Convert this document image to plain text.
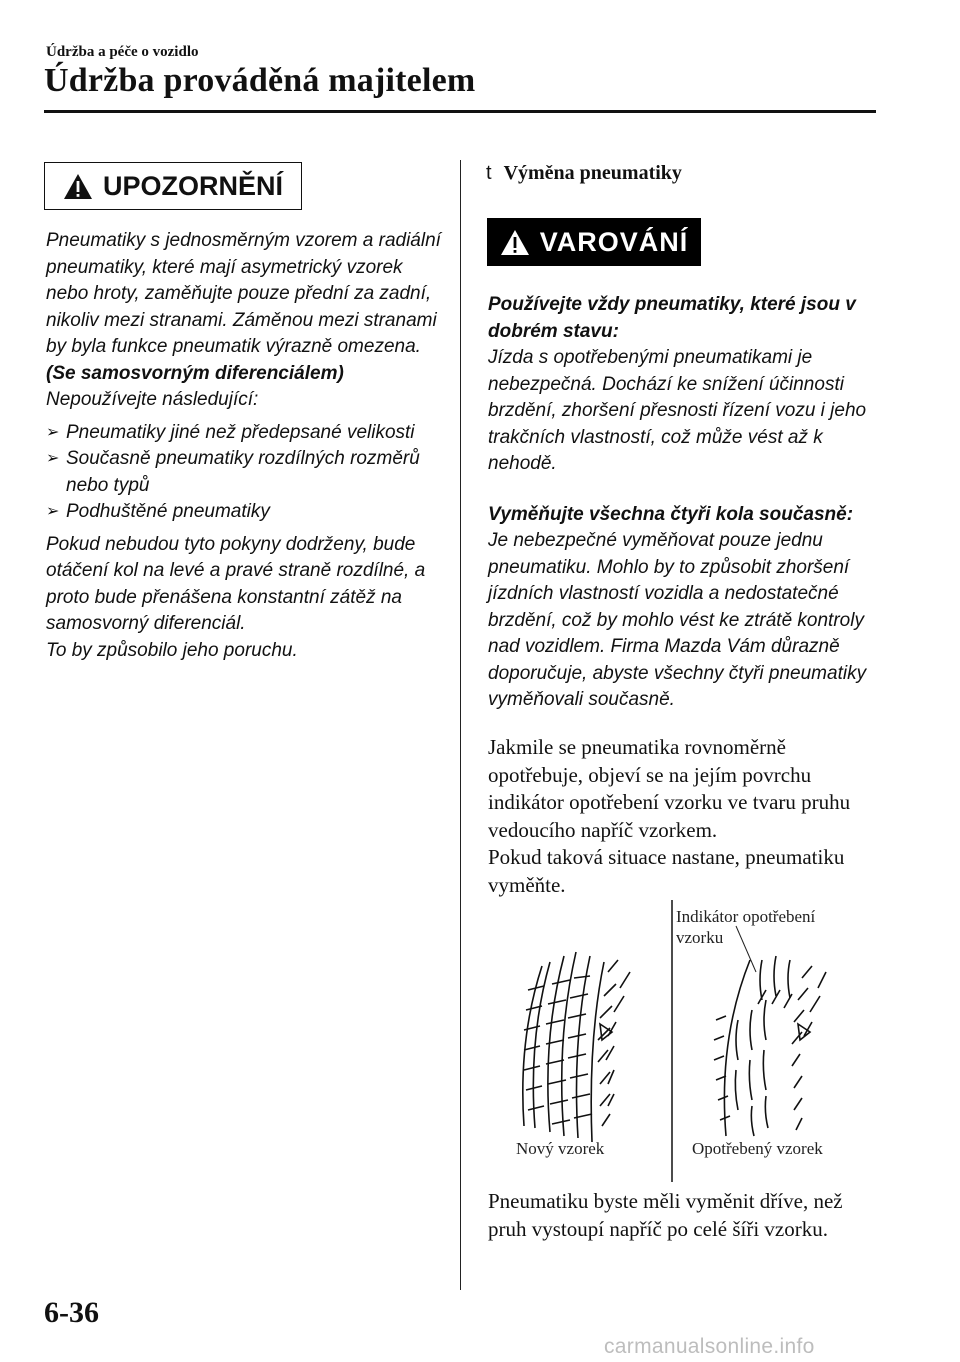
Údržba a péče o vozidlo
Údržba prováděná majitelem
UPOZORNĚNÍ
Pneumatiky s jednosměrným vzorem a radiální pneumatiky, které mají asymetrický vzorek nebo hroty, zaměňujte pouze přední za zadní, nikoliv mezi stranami. Záměnou mezi stranami by byla funkce pneumatik výrazně omezena.
(Se samosvorným diferenciálem)
Nepoužívejte následující:
➢ Pneumatiky jiné než předepsané velikosti
➢ Současně pneumatiky rozdílných rozměrů nebo typů
➢ Podhuštěné pneumatiky
Pokud nebudou tyto pokyny dodrženy, bude otáčení kol na levé a pravé straně rozdílné, a proto bude přenášena konstantní zátěž na samosvorný diferenciál.
To by způsobilo jeho poruchu.
t Výměna pneumatiky
VAROVÁNÍ
Používejte vždy pneumatiky, které jsou v dobrém stavu:
Jízda s opotřebenými pneumatikami je nebezpečná. Dochází ke snížení účinnosti brzdění, zhoršení přesnosti řízení vozu i jeho trakčních vlastností, což může vést až k nehodě.
Vyměňujte všechna čtyři kola současně:
Je nebezpečné vyměňovat pouze jednu pneumatiku. Mohlo by to způsobit zhoršení jízdních vlastností vozidla a nedostatečné brzdění, což by mohlo vést ke ztrátě kontroly nad vozidlem. Firma Mazda Vám důrazně doporučuje, abyste všechny čtyři pneumatiky vyměňovali současně.
Jakmile se pneumatika rovnoměrně opotřebuje, objeví se na jejím povrchu indikátor opotřebení vzorku ve tvaru pruhu vedoucího napříč vzorkem.
Pokud taková situace nastane, pneumatiku vyměňte.
Indikátor opotřebení
vzorku
Nový vzorek	Opotřebený vzorek
Pneumatiku byste měli vyměnit dříve, než pruh vystoupí napříč po celé šíři vzorku.
6-36
carmanualsonline.info
